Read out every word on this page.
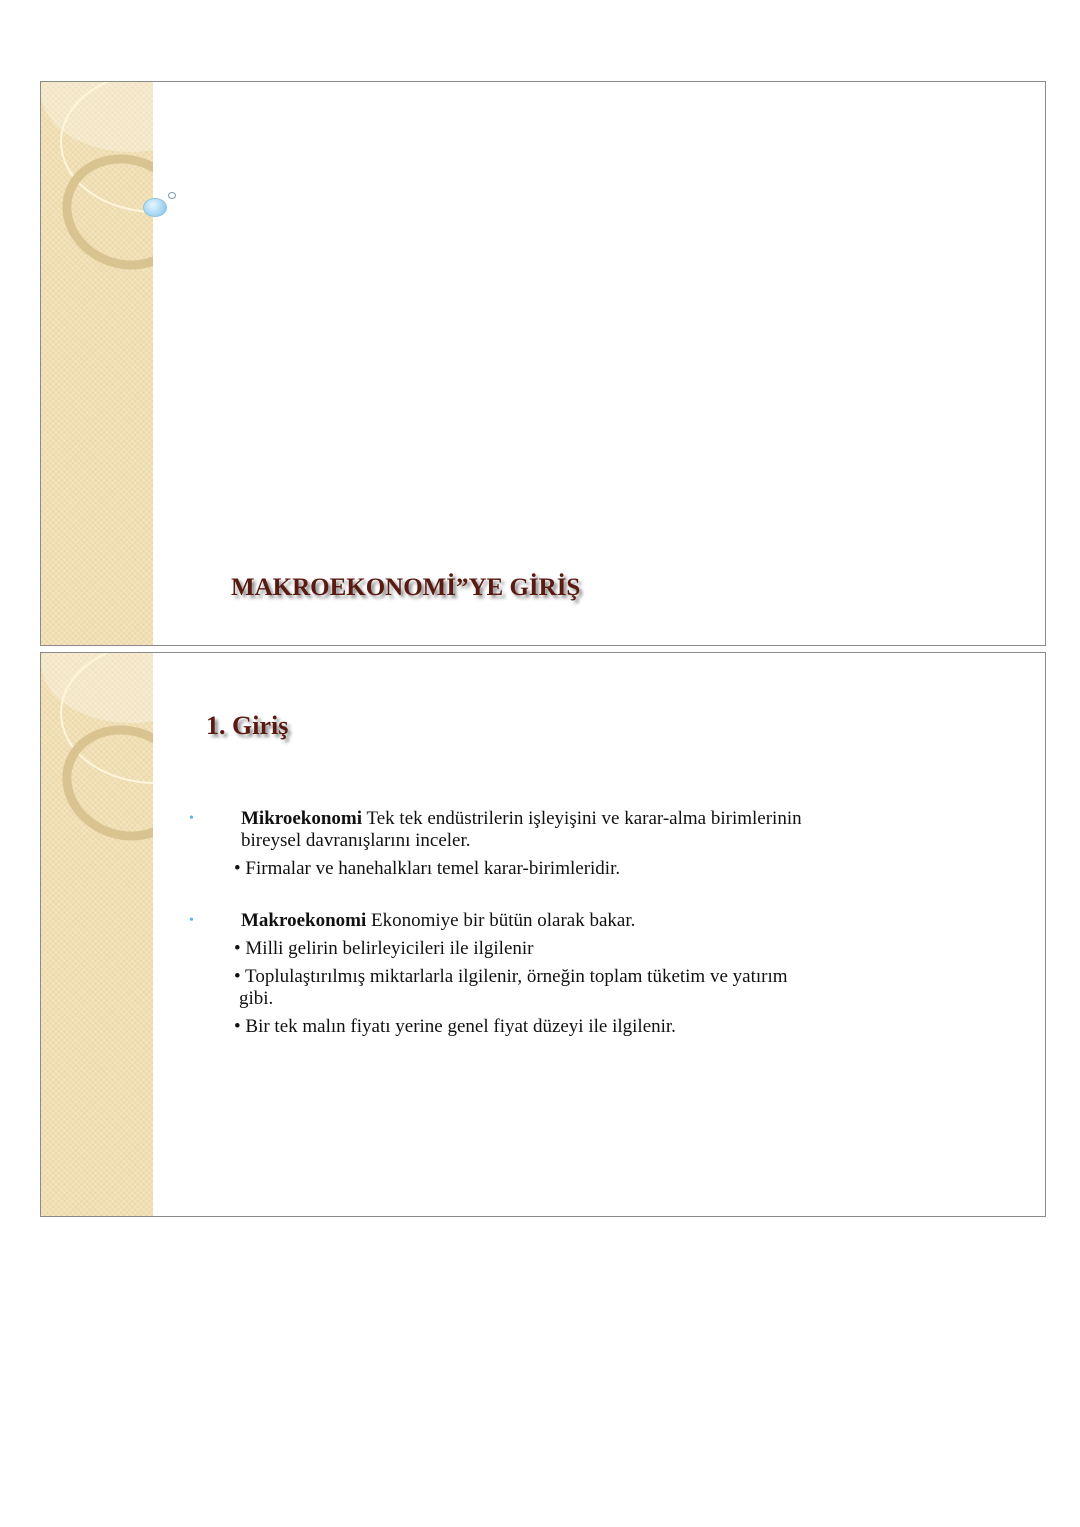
MAKROEKONOMİ”YE GİRİŞ
1. Giriş
• Mikroekonomi Tek tek endüstrilerin işleyişini ve karar-alma birimlerinin
bireysel davranışlarını inceler.
• Firmalar ve hanehalkları temel karar-birimleridir.
• Makroekonomi Ekonomiye bir bütün olarak bakar.
• Milli gelirin belirleyicileri ile ilgilenir
• Toplulaştırılmış miktarlarla ilgilenir, örneğin toplam tüketim ve yatırım
gibi.
• Bir tek malın fiyatı yerine genel fiyat düzeyi ile ilgilenir.
